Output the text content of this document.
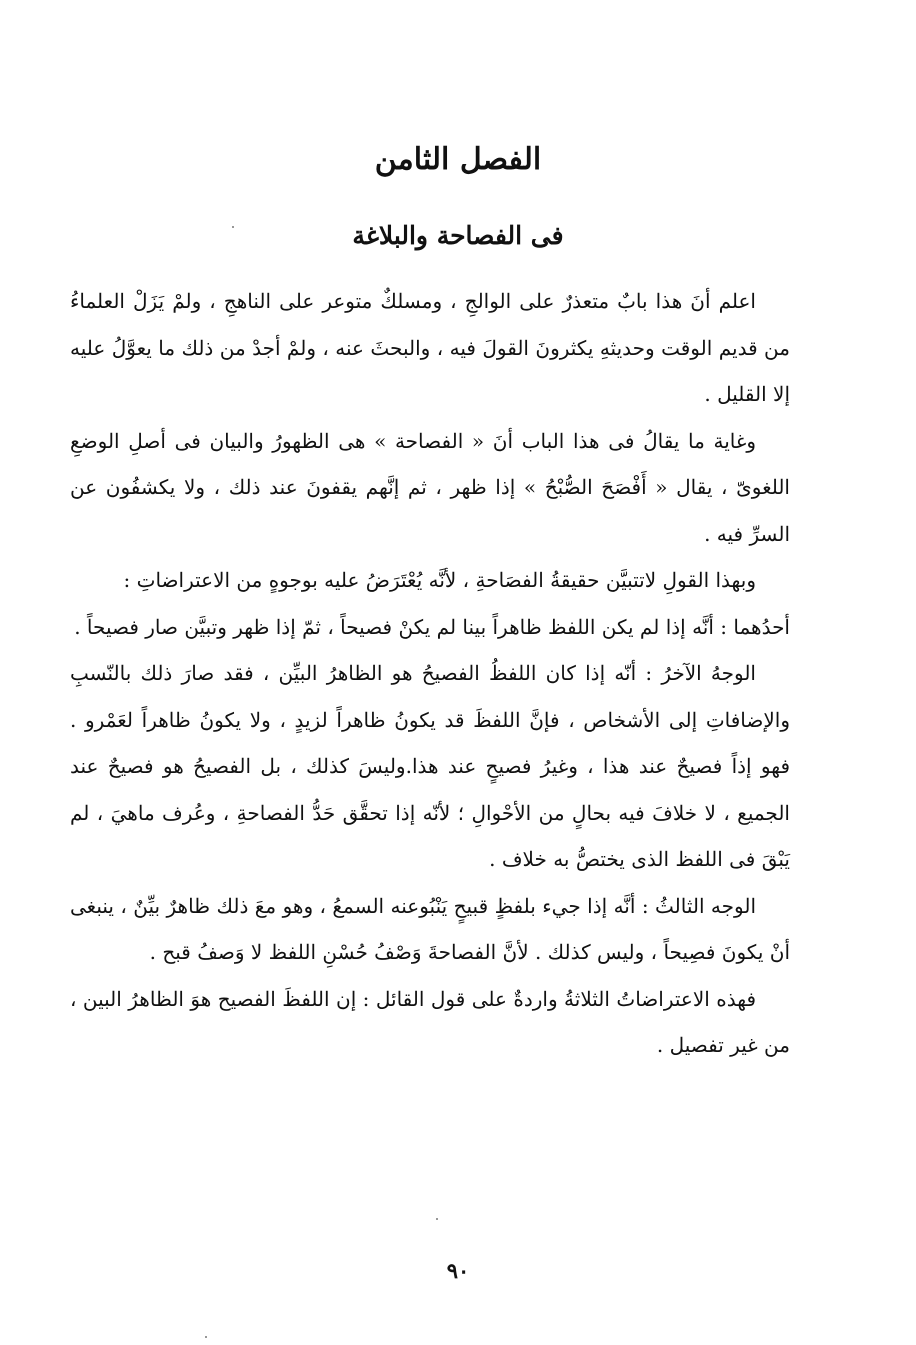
الفصل الثامن
فى الفصاحة والبلاغة

اعلم أنَ هذا بابٌ متعذرٌ على الوالجِ ، ومسلكٌ متوعر على الناهجِ ، ولمْ يَزَلْ العلماءُ من قديم الوقت وحديثهِ يكثرونَ القولَ فيه ، والبحثَ عنه ، ولمْ أجدْ من ذلك ما يعوَّلُ عليه إلا القليل .

وغاية ما يقالُ فى هذا الباب أنَ « الفصاحة » هى الظهورُ والبيان فى أصلِ الوضعِ اللغوىّ ، يقال « أَفْصَحَ الصُّبْحُ » إذا ظهر ، ثم إنَّهم يقفونَ عند ذلك ، ولا يكشفُون عن السرِّ فيه .

وبهذا القولِ لاتتبيَّن حقيقةُ الفصَاحةِ ، لأنَّه يُعْتَرَضُ عليه بوجوهٍ من الاعتراضاتِ :

أحدُهما : أنَّه إذا لم يكن اللفظ ظاهراً بينا لم يكنْ فصيحاً ، ثمّ إذا ظهر وتبيَّن صار فصيحاً .

الوجهُ الآخرُ : أنّه إذا كان اللفظُ الفصيحُ هو الظاهرُ البيِّن ، فقد صارَ ذلك بالنّسبِ والإضافاتِ إلى الأشخاص ، فإنَّ اللفظَ قد يكونُ ظاهراً لزيدٍ ، ولا يكونُ ظاهراً لعَمْرو . فهو إذاً فصيحٌ عند هذا ، وغيرُ فصيحٍ عند هذا.وليسَ كذلك ، بل الفصيحُ هو فصيحٌ عند الجميع ، لا خلافَ فيه بحالٍ من الأحْوالِ ؛ لأنّه إذا تحقَّق حَدُّ الفصاحةِ ، وعُرف ماهيَ ، لم يَبْقَ فى اللفظ الذى يختصُّ به خلاف .

الوجه الثالثُ : أنَّه إذا جيء بلفظٍ قبيحٍ يَنْبُوعنه السمعُ ، وهو معَ ذلك ظاهرٌ بيِّنٌ ، ينبغى أنْ يكونَ فصِيحاً ، وليس كذلك . لأنَّ الفصاحةَ وَصْفُ حُسْنِ اللفظ لا وَصفُ قبح .

فهذه الاعتراضاتُ الثلاثةُ واردةٌ على قول القائل : إن اللفظَ الفصيح هوَ الظاهرُ البين ، من غير تفصيل .

٩٠
